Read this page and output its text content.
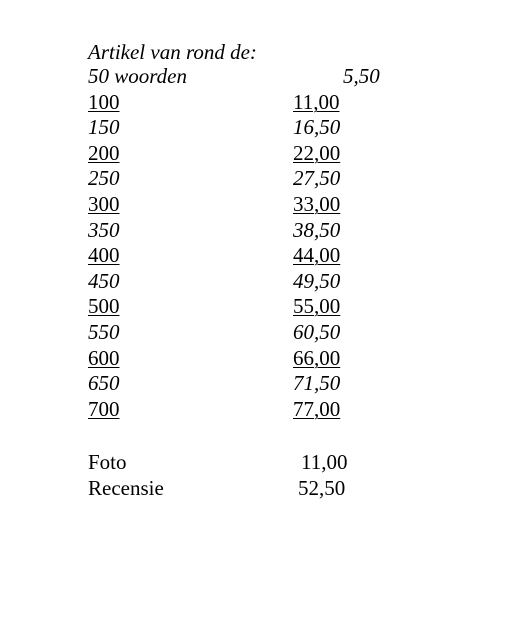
Artikel van rond de:
50 woorden	5,50
100	11,00
150	16,50
200	22,00
250	27,50
300	33,00
350	38,50
400	44,00
450	49,50
500	55,00
550	60,50
600	66,00
650	71,50
700	77,00
Foto	11,00
Recensie	52,50
